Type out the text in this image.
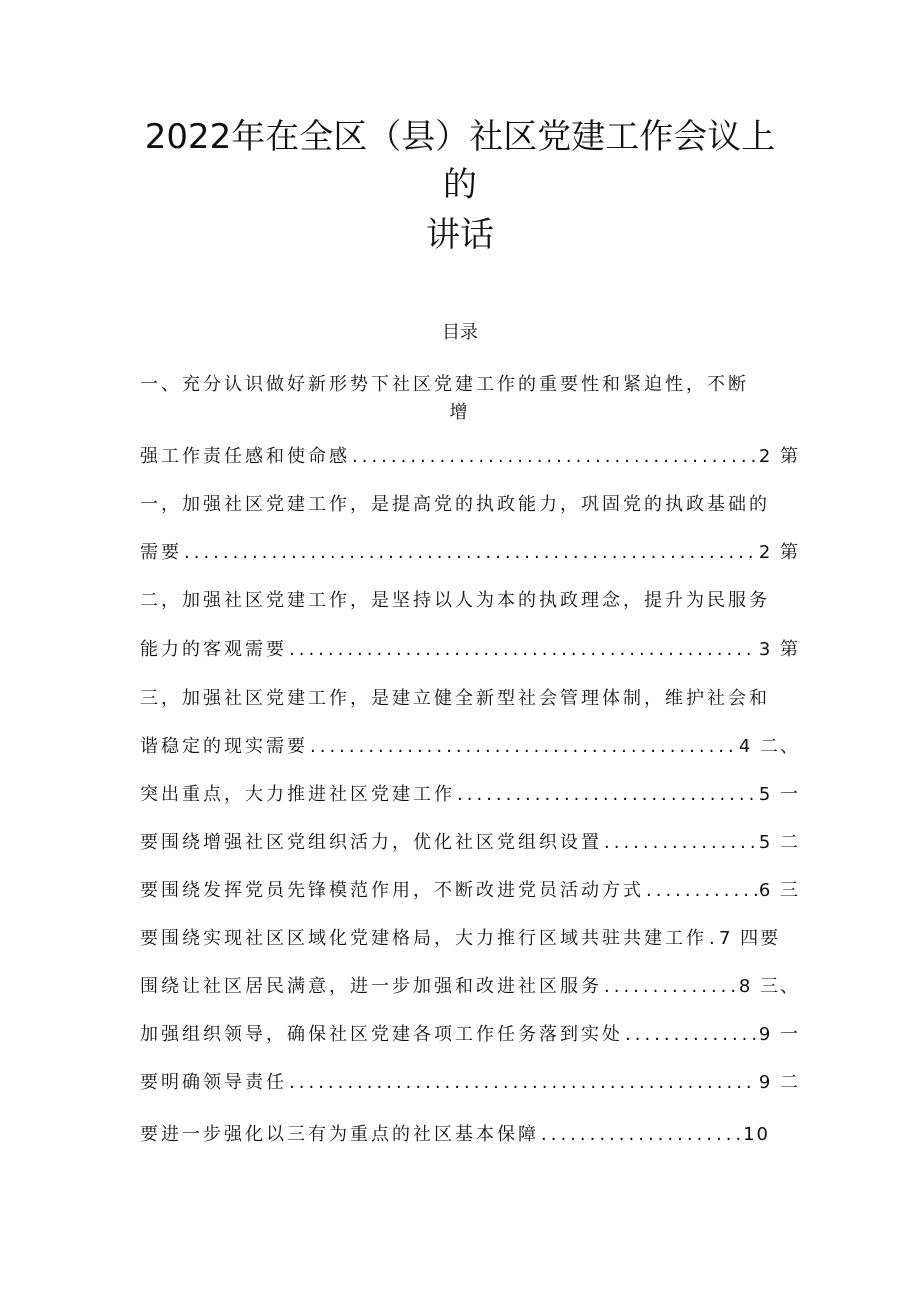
2022年在全区（县）社区党建工作会议上
的
讲话
目录
一、充分认识做好新形势下社区党建工作的重要性和紧迫性，不断
增
强工作责任感和使命感 .....	2 第
一，加强社区党建工作，是提高党的执政能力，巩固党的执政基础的
需要 .....	2 第
二，加强社区党建工作，是坚持以人为本的执政理念，提升为民服务
能力的客观需要 .....	3 第
三，加强社区党建工作，是建立健全新型社会管理体制，维护社会和
谐稳定的现实需要 .....	4 二、
突出重点，大力推进社区党建工作 .....	5 一
要围绕增强社区党组织活力，优化社区党组织设置 .....	5 二
要围绕发挥党员先锋模范作用，不断改进党员活动方式 .....	6 三
要围绕实现社区区域化党建格局，大力推行区域共驻共建工作 ..... 7 四要
围绕让社区居民满意，进一步加强和改进社区服务 .....	8 三、
加强组织领导，确保社区党建各项工作任务落到实处 .....	9 一
要明确领导责任 .....	9 二
要进一步强化以三有为重点的社区基本保障 .....	10
